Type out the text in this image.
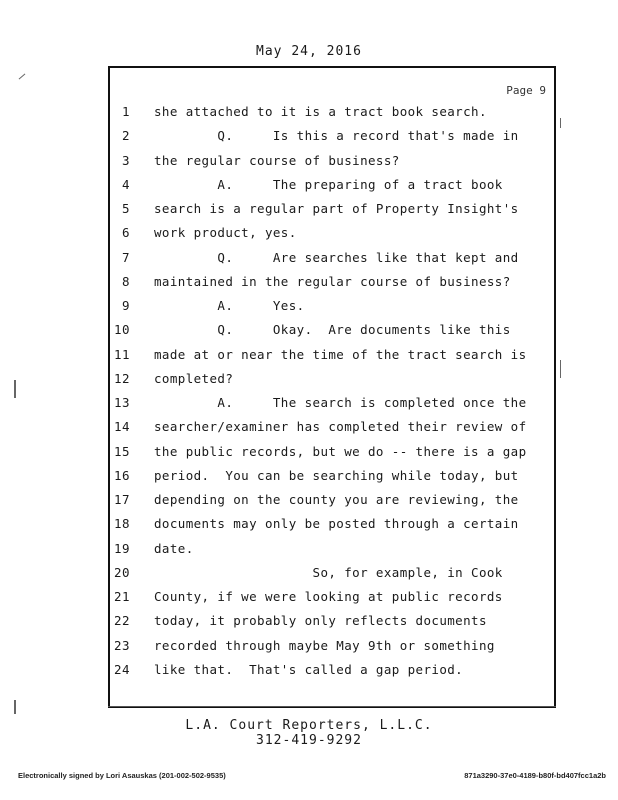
May 24, 2016
Page 9
1 she attached to it is a tract book search.
2 Q.     Is this a record that's made in
3 the regular course of business?
4 A.     The preparing of a tract book
5 search is a regular part of Property Insight's
6 work product, yes.
7 Q.     Are searches like that kept and
8 maintained in the regular course of business?
9 A.     Yes.
10 Q.     Okay.  Are documents like this
11 made at or near the time of the tract search is
12 completed?
13 A.     The search is completed once the
14 searcher/examiner has completed their review of
15 the public records, but we do -- there is a gap
16 period.  You can be searching while today, but
17 depending on the county you are reviewing, the
18 documents may only be posted through a certain
19 date.
20 So, for example, in Cook
21 County, if we were looking at public records
22 today, it probably only reflects documents
23 recorded through maybe May 9th or something
24 like that.  That's called a gap period.
L.A. Court Reporters, L.L.C.
312-419-9292
Electronically signed by Lori Asauskas (201-002-502-9535)	871a3290-37e0-4189-b80f-bd407fcc1a2b
